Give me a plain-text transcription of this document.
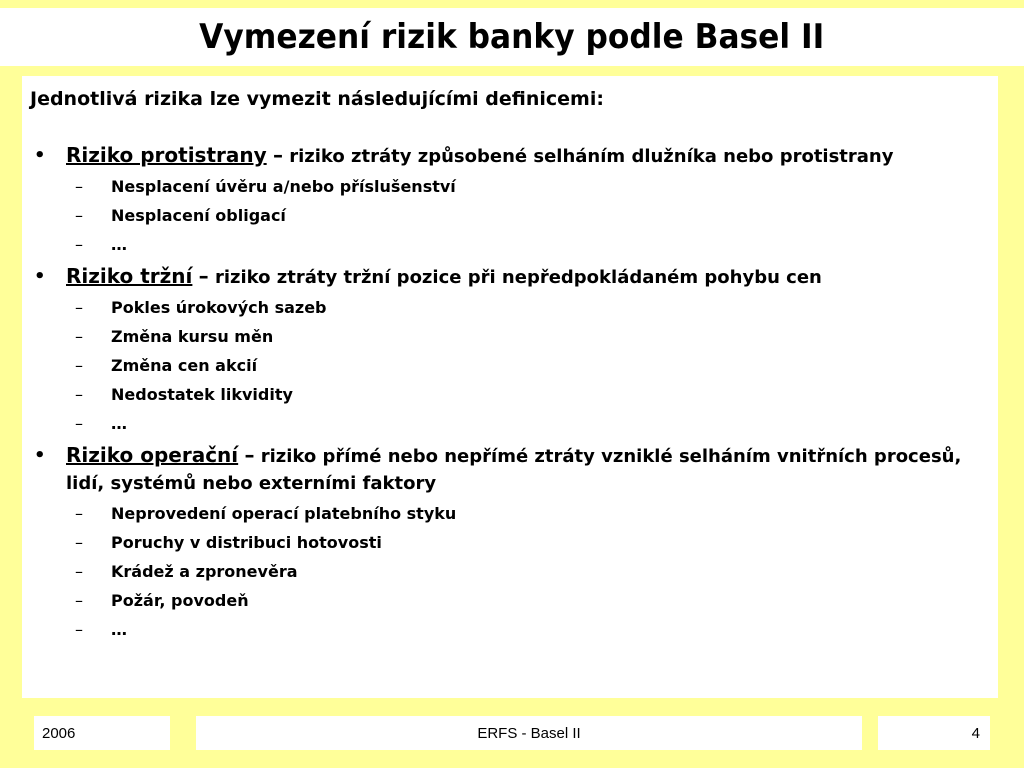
Vymezení rizik banky podle Basel II
Jednotlivá rizika lze vymezit následujícími definicemi:
• Riziko protistrany – riziko ztráty způsobené selháním dlužníka nebo protistrany
– Nesplacení úvěru a/nebo příslušenství
– Nesplacení obligací
– …
• Riziko tržní – riziko ztráty tržní pozice při nepředpokládaném pohybu cen
– Pokles úrokových sazeb
– Změna kursu měn
– Změna cen akcií
– Nedostatek likvidity
– …
• Riziko operační – riziko přímé nebo nepřímé ztráty vzniklé selháním vnitřních procesů, lidí, systémů nebo externími faktory
– Neprovedení operací platebního styku
– Poruchy v distribuci hotovosti
– Krádež a zpronevěra
– Požár, povodeň
– …
2006	ERFS - Basel II	4
